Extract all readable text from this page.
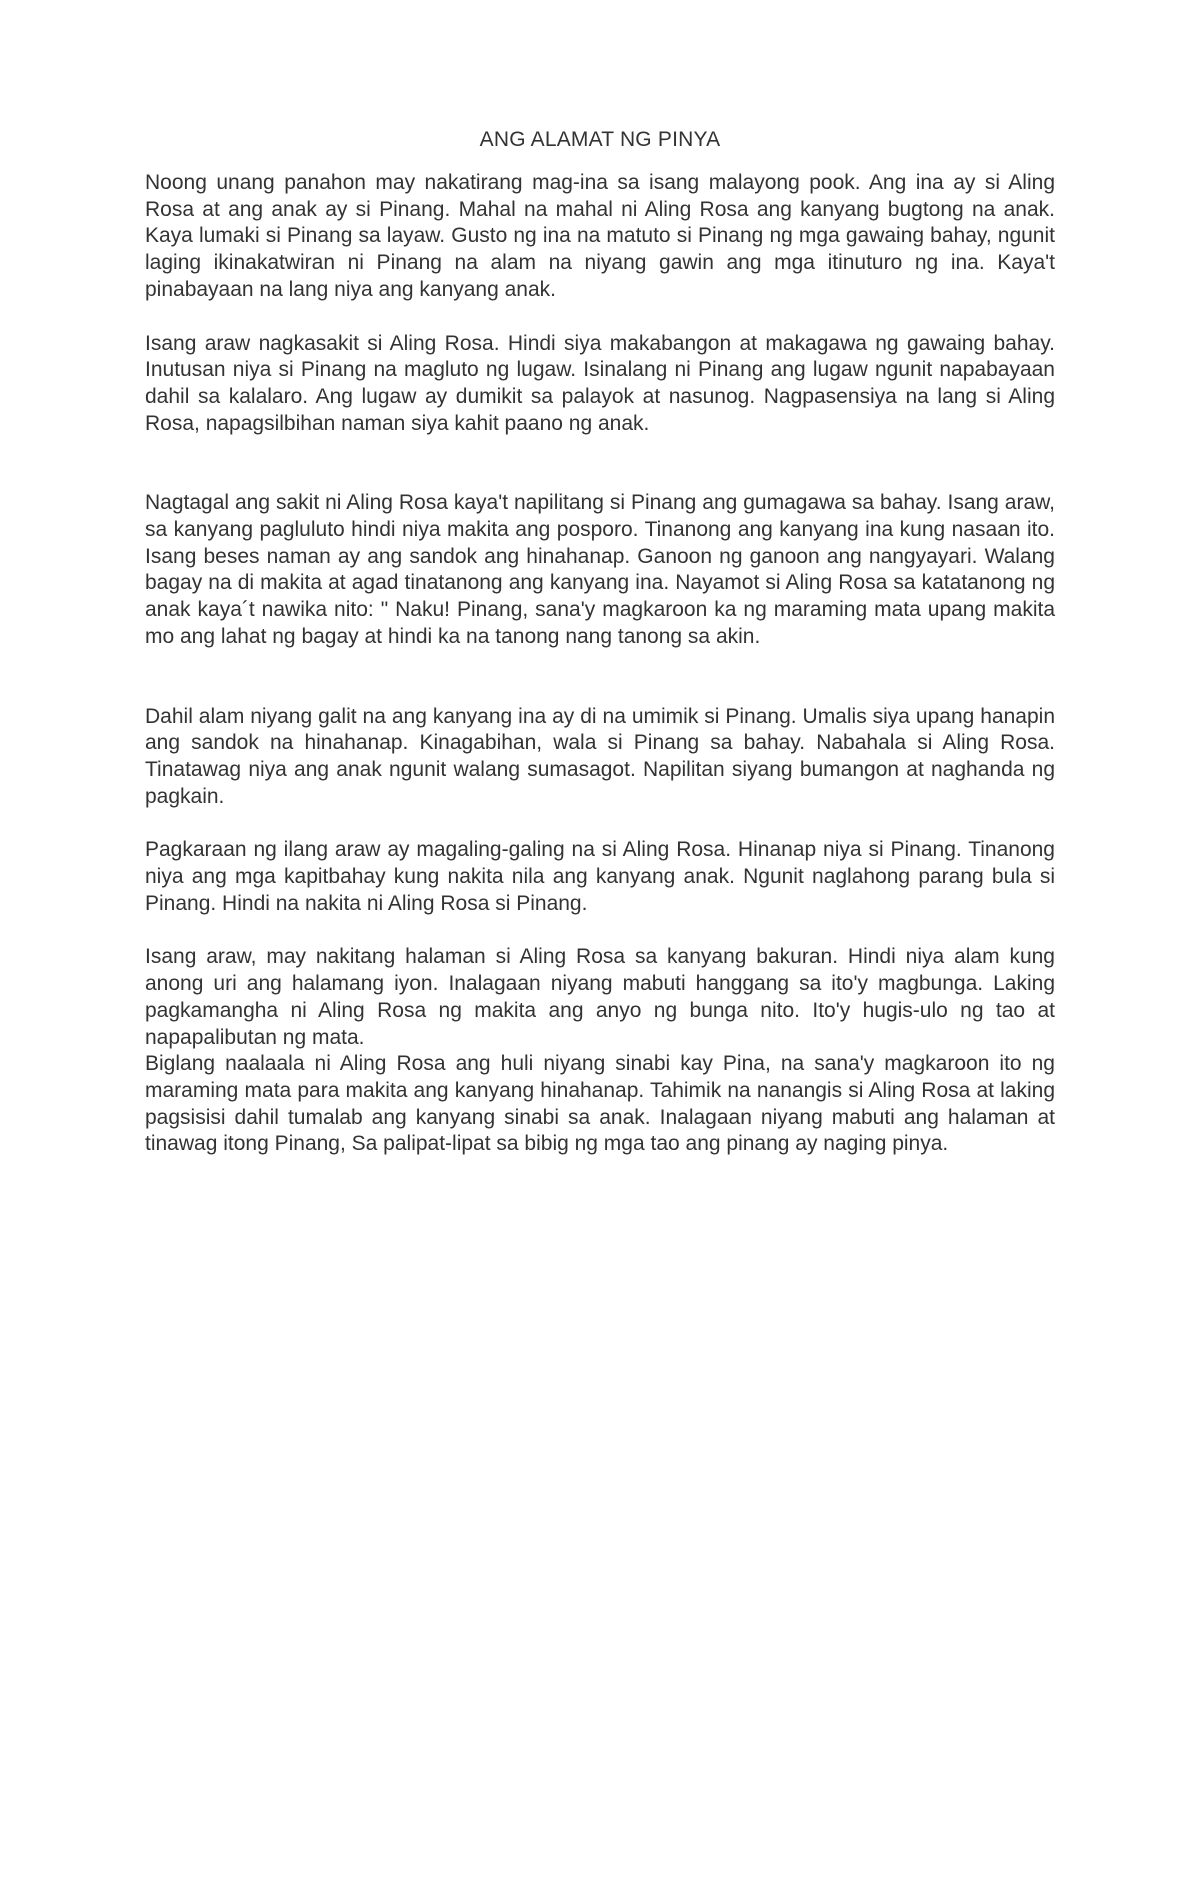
ANG ALAMAT NG PINYA

Noong unang panahon may nakatirang mag-ina sa isang malayong pook. Ang ina ay si Aling Rosa at ang anak ay si Pinang. Mahal na mahal ni Aling Rosa ang kanyang bugtong na anak. Kaya lumaki si Pinang sa layaw. Gusto ng ina na matuto si Pinang ng mga gawaing bahay, ngunit laging ikinakatwiran ni Pinang na alam na niyang gawin ang mga itinuturo ng ina. Kaya't pinabayaan na lang niya ang kanyang anak.

Isang araw nagkasakit si Aling Rosa. Hindi siya makabangon at makagawa ng gawaing bahay. Inutusan niya si Pinang na magluto ng lugaw. Isinalang ni Pinang ang lugaw ngunit napabayaan dahil sa kalalaro. Ang lugaw ay dumikit sa palayok at nasunog. Nagpasensiya na lang si Aling Rosa, napagsilbihan naman siya kahit paano ng anak.

Nagtagal ang sakit ni Aling Rosa kaya't napilitang si Pinang ang gumagawa sa bahay. Isang araw, sa kanyang pagluluto hindi niya makita ang posporo. Tinanong ang kanyang ina kung nasaan ito. Isang beses naman ay ang sandok ang hinahanap. Ganoon ng ganoon ang nangyayari. Walang bagay na di makita at agad tinatanong ang kanyang ina. Nayamot si Aling Rosa sa katatanong ng anak kaya´t nawika nito: " Naku! Pinang, sana'y magkaroon ka ng maraming mata upang makita mo ang lahat ng bagay at hindi ka na tanong nang tanong sa akin.

Dahil alam niyang galit na ang kanyang ina ay di na umimik si Pinang. Umalis siya upang hanapin ang sandok na hinahanap. Kinagabihan, wala si Pinang sa bahay. Nabahala si Aling Rosa. Tinatawag niya ang anak ngunit walang sumasagot. Napilitan siyang bumangon at naghanda ng pagkain.

Pagkaraan ng ilang araw ay magaling-galing na si Aling Rosa. Hinanap niya si Pinang. Tinanong niya ang mga kapitbahay kung nakita nila ang kanyang anak. Ngunit naglahong parang bula si Pinang. Hindi na nakita ni Aling Rosa si Pinang.

Isang araw, may nakitang halaman si Aling Rosa sa kanyang bakuran. Hindi niya alam kung anong uri ang halamang iyon. Inalagaan niyang mabuti hanggang sa ito'y magbunga. Laking pagkamangha ni Aling Rosa ng makita ang anyo ng bunga nito. Ito'y hugis-ulo ng tao at napapalibutan ng mata.

Biglang naalaala ni Aling Rosa ang huli niyang sinabi kay Pina, na sana'y magkaroon ito ng maraming mata para makita ang kanyang hinahanap. Tahimik na nanangis si Aling Rosa at laking pagsisisi dahil tumalab ang kanyang sinabi sa anak. Inalagaan niyang mabuti ang halaman at tinawag itong Pinang, Sa palipat-lipat sa bibig ng mga tao ang pinang ay naging pinya.
